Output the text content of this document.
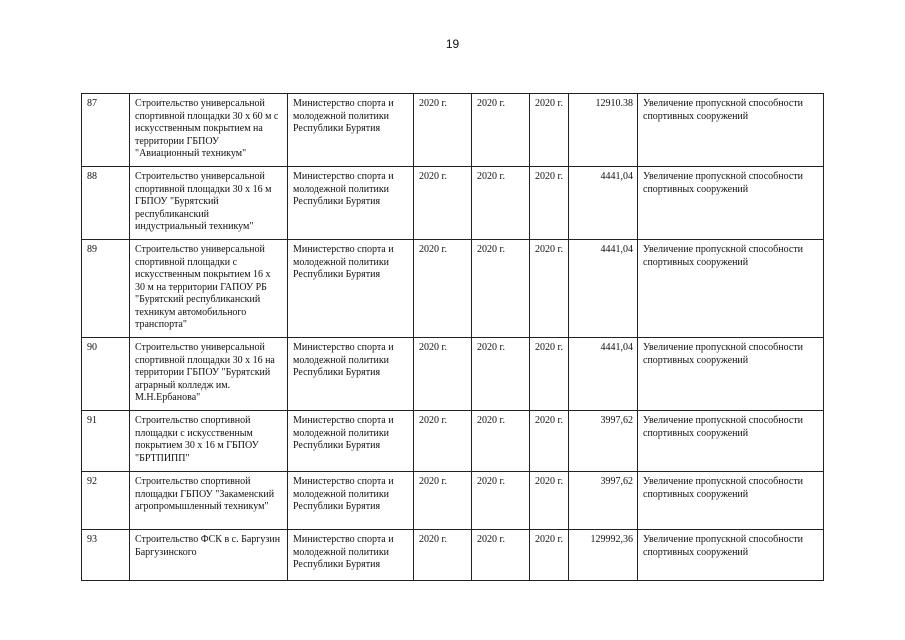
19
87	Строительство универсальной спортивной площадки 30 х 60 м с искусственным покрытием на территории ГБПОУ "Авиационный техникум"	Министерство спорта и молодежной политики Республики Бурятия	2020 г.	2020 г.	2020 г.	12910.38	Увеличение пропускной способности спортивных сооружений
88	Строительство универсальной спортивной площадки 30 х 16 м ГБПОУ "Бурятский республиканский индустриальный техникум"	Министерство спорта и молодежной политики Республики Бурятия	2020 г.	2020 г.	2020 г.	4441,04	Увеличение пропускной способности спортивных сооружений
89	Строительство универсальной спортивной площадки с искусственным покрытием 16 х 30 м на территории ГАПОУ РБ "Бурятский республиканский техникум автомобильного транспорта"	Министерство спорта и молодежной политики Республики Бурятия	2020 г.	2020 г.	2020 г.	4441,04	Увеличение пропускной способности спортивных сооружений
90	Строительство универсальной спортивной площадки 30 х 16 на территории ГБПОУ "Бурятский аграрный колледж им. М.Н.Ербанова"	Министерство спорта и молодежной политики Республики Бурятия	2020 г.	2020 г.	2020 г.	4441,04	Увеличение пропускной способности спортивных сооружений
91	Строительство спортивной площадки с искусственным покрытием 30 х 16 м ГБПОУ "БРТПИПП"	Министерство спорта и молодежной политики Республики Бурятия	2020 г.	2020 г.	2020 г.	3997,62	Увеличение пропускной способности спортивных сооружений
92	Строительство спортивной площадки ГБПОУ "Закаменский агропромышленный техникум"	Министерство спорта и молодежной политики Республики Бурятия	2020 г.	2020 г.	2020 г.	3997,62	Увеличение пропускной способности спортивных сооружений
93	Строительство ФСК в с. Баргузин Баргузинского	Министерство спорта и молодежной политики Республики Бурятия	2020 г.	2020 г.	2020 г.	129992,36	Увеличение пропускной способности спортивных сооружений
